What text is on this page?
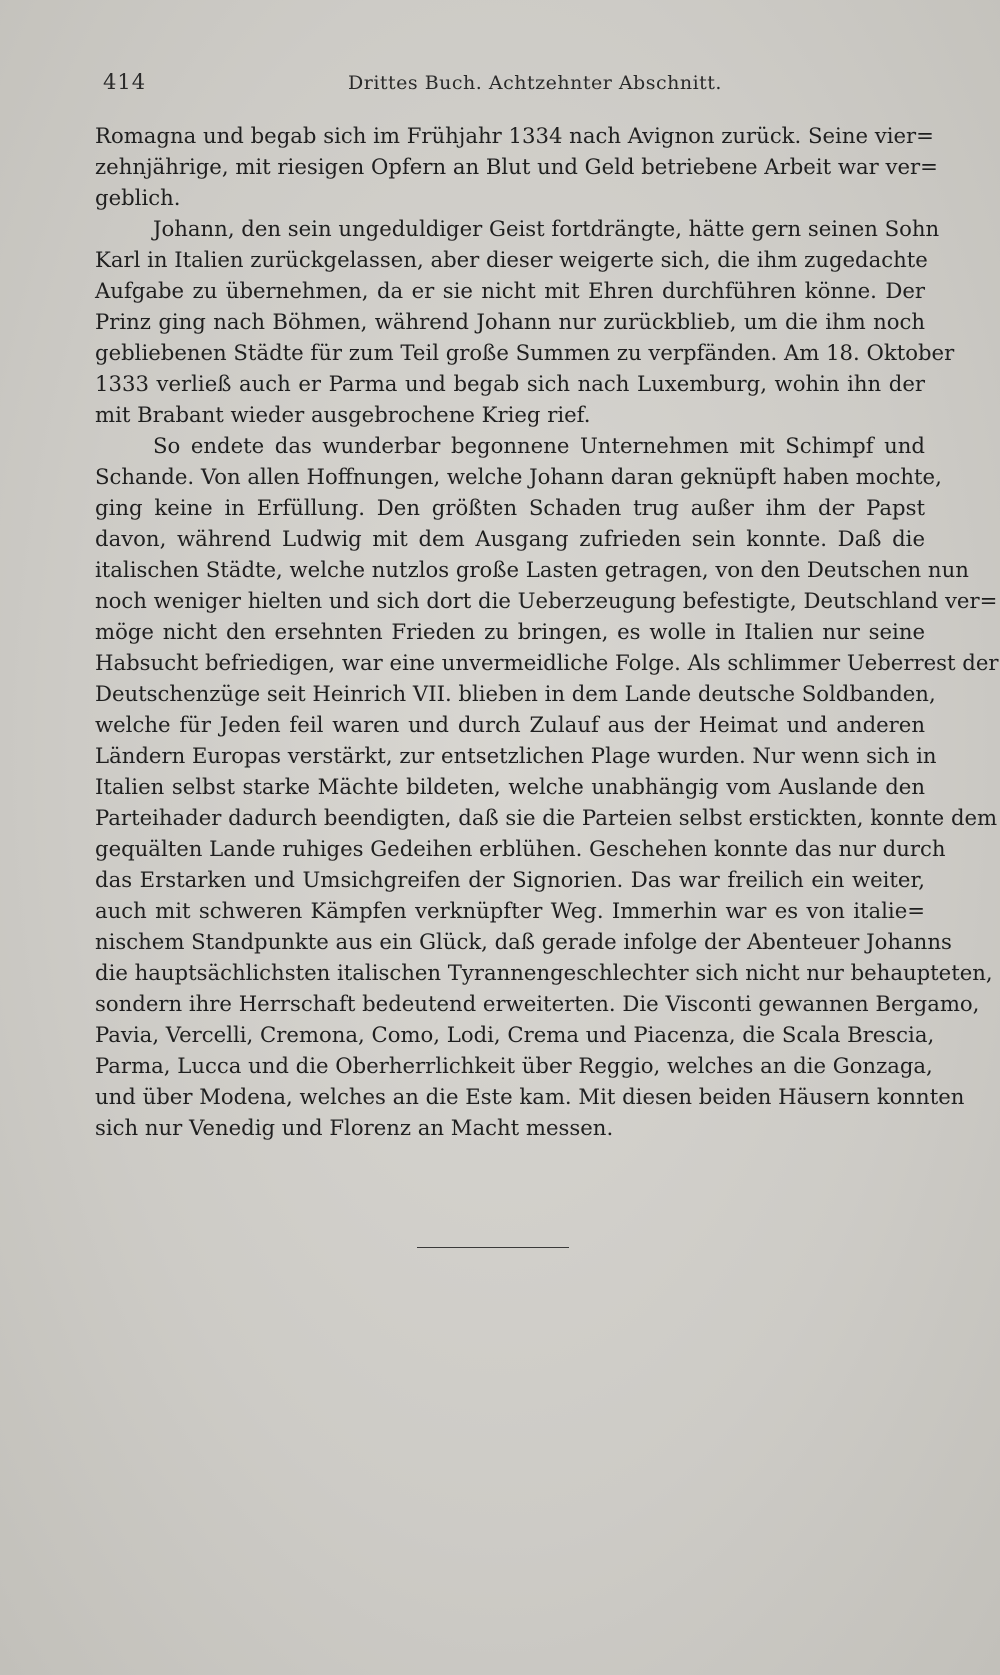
414	Drittes Buch. Achtzehnter Abschnitt.
Romagna und begab sich im Frühjahr 1334 nach Avignon zurück. Seine vier=
zehnjährige, mit riesigen Opfern an Blut und Geld betriebene Arbeit war ver=
geblich.
Johann, den sein ungeduldiger Geist fortdrängte, hätte gern seinen Sohn
Karl in Italien zurückgelassen, aber dieser weigerte sich, die ihm zugedachte
Aufgabe zu übernehmen, da er sie nicht mit Ehren durchführen könne. Der
Prinz ging nach Böhmen, während Johann nur zurückblieb, um die ihm noch
gebliebenen Städte für zum Teil große Summen zu verpfänden. Am 18. Oktober
1333 verließ auch er Parma und begab sich nach Luxemburg, wohin ihn der
mit Brabant wieder ausgebrochene Krieg rief.
So endete das wunderbar begonnene Unternehmen mit Schimpf und
Schande. Von allen Hoffnungen, welche Johann daran geknüpft haben mochte,
ging keine in Erfüllung. Den größten Schaden trug außer ihm der Papst
davon, während Ludwig mit dem Ausgang zufrieden sein konnte. Daß die
italischen Städte, welche nutzlos große Lasten getragen, von den Deutschen nun
noch weniger hielten und sich dort die Ueberzeugung befestigte, Deutschland ver=
möge nicht den ersehnten Frieden zu bringen, es wolle in Italien nur seine
Habsucht befriedigen, war eine unvermeidliche Folge. Als schlimmer Ueberrest der
Deutschenzüge seit Heinrich VII. blieben in dem Lande deutsche Soldbanden,
welche für Jeden feil waren und durch Zulauf aus der Heimat und anderen
Ländern Europas verstärkt, zur entsetzlichen Plage wurden. Nur wenn sich in
Italien selbst starke Mächte bildeten, welche unabhängig vom Auslande den
Parteihader dadurch beendigten, daß sie die Parteien selbst erstickten, konnte dem
gequälten Lande ruhiges Gedeihen erblühen. Geschehen konnte das nur durch
das Erstarken und Umsichgreifen der Signorien. Das war freilich ein weiter,
auch mit schweren Kämpfen verknüpfter Weg. Immerhin war es von italie=
nischem Standpunkte aus ein Glück, daß gerade infolge der Abenteuer Johanns
die hauptsächlichsten italischen Tyrannengeschlechter sich nicht nur behaupteten,
sondern ihre Herrschaft bedeutend erweiterten. Die Visconti gewannen Bergamo,
Pavia, Vercelli, Cremona, Como, Lodi, Crema und Piacenza, die Scala Brescia,
Parma, Lucca und die Oberherrlichkeit über Reggio, welches an die Gonzaga,
und über Modena, welches an die Este kam. Mit diesen beiden Häusern konnten
sich nur Venedig und Florenz an Macht messen.
